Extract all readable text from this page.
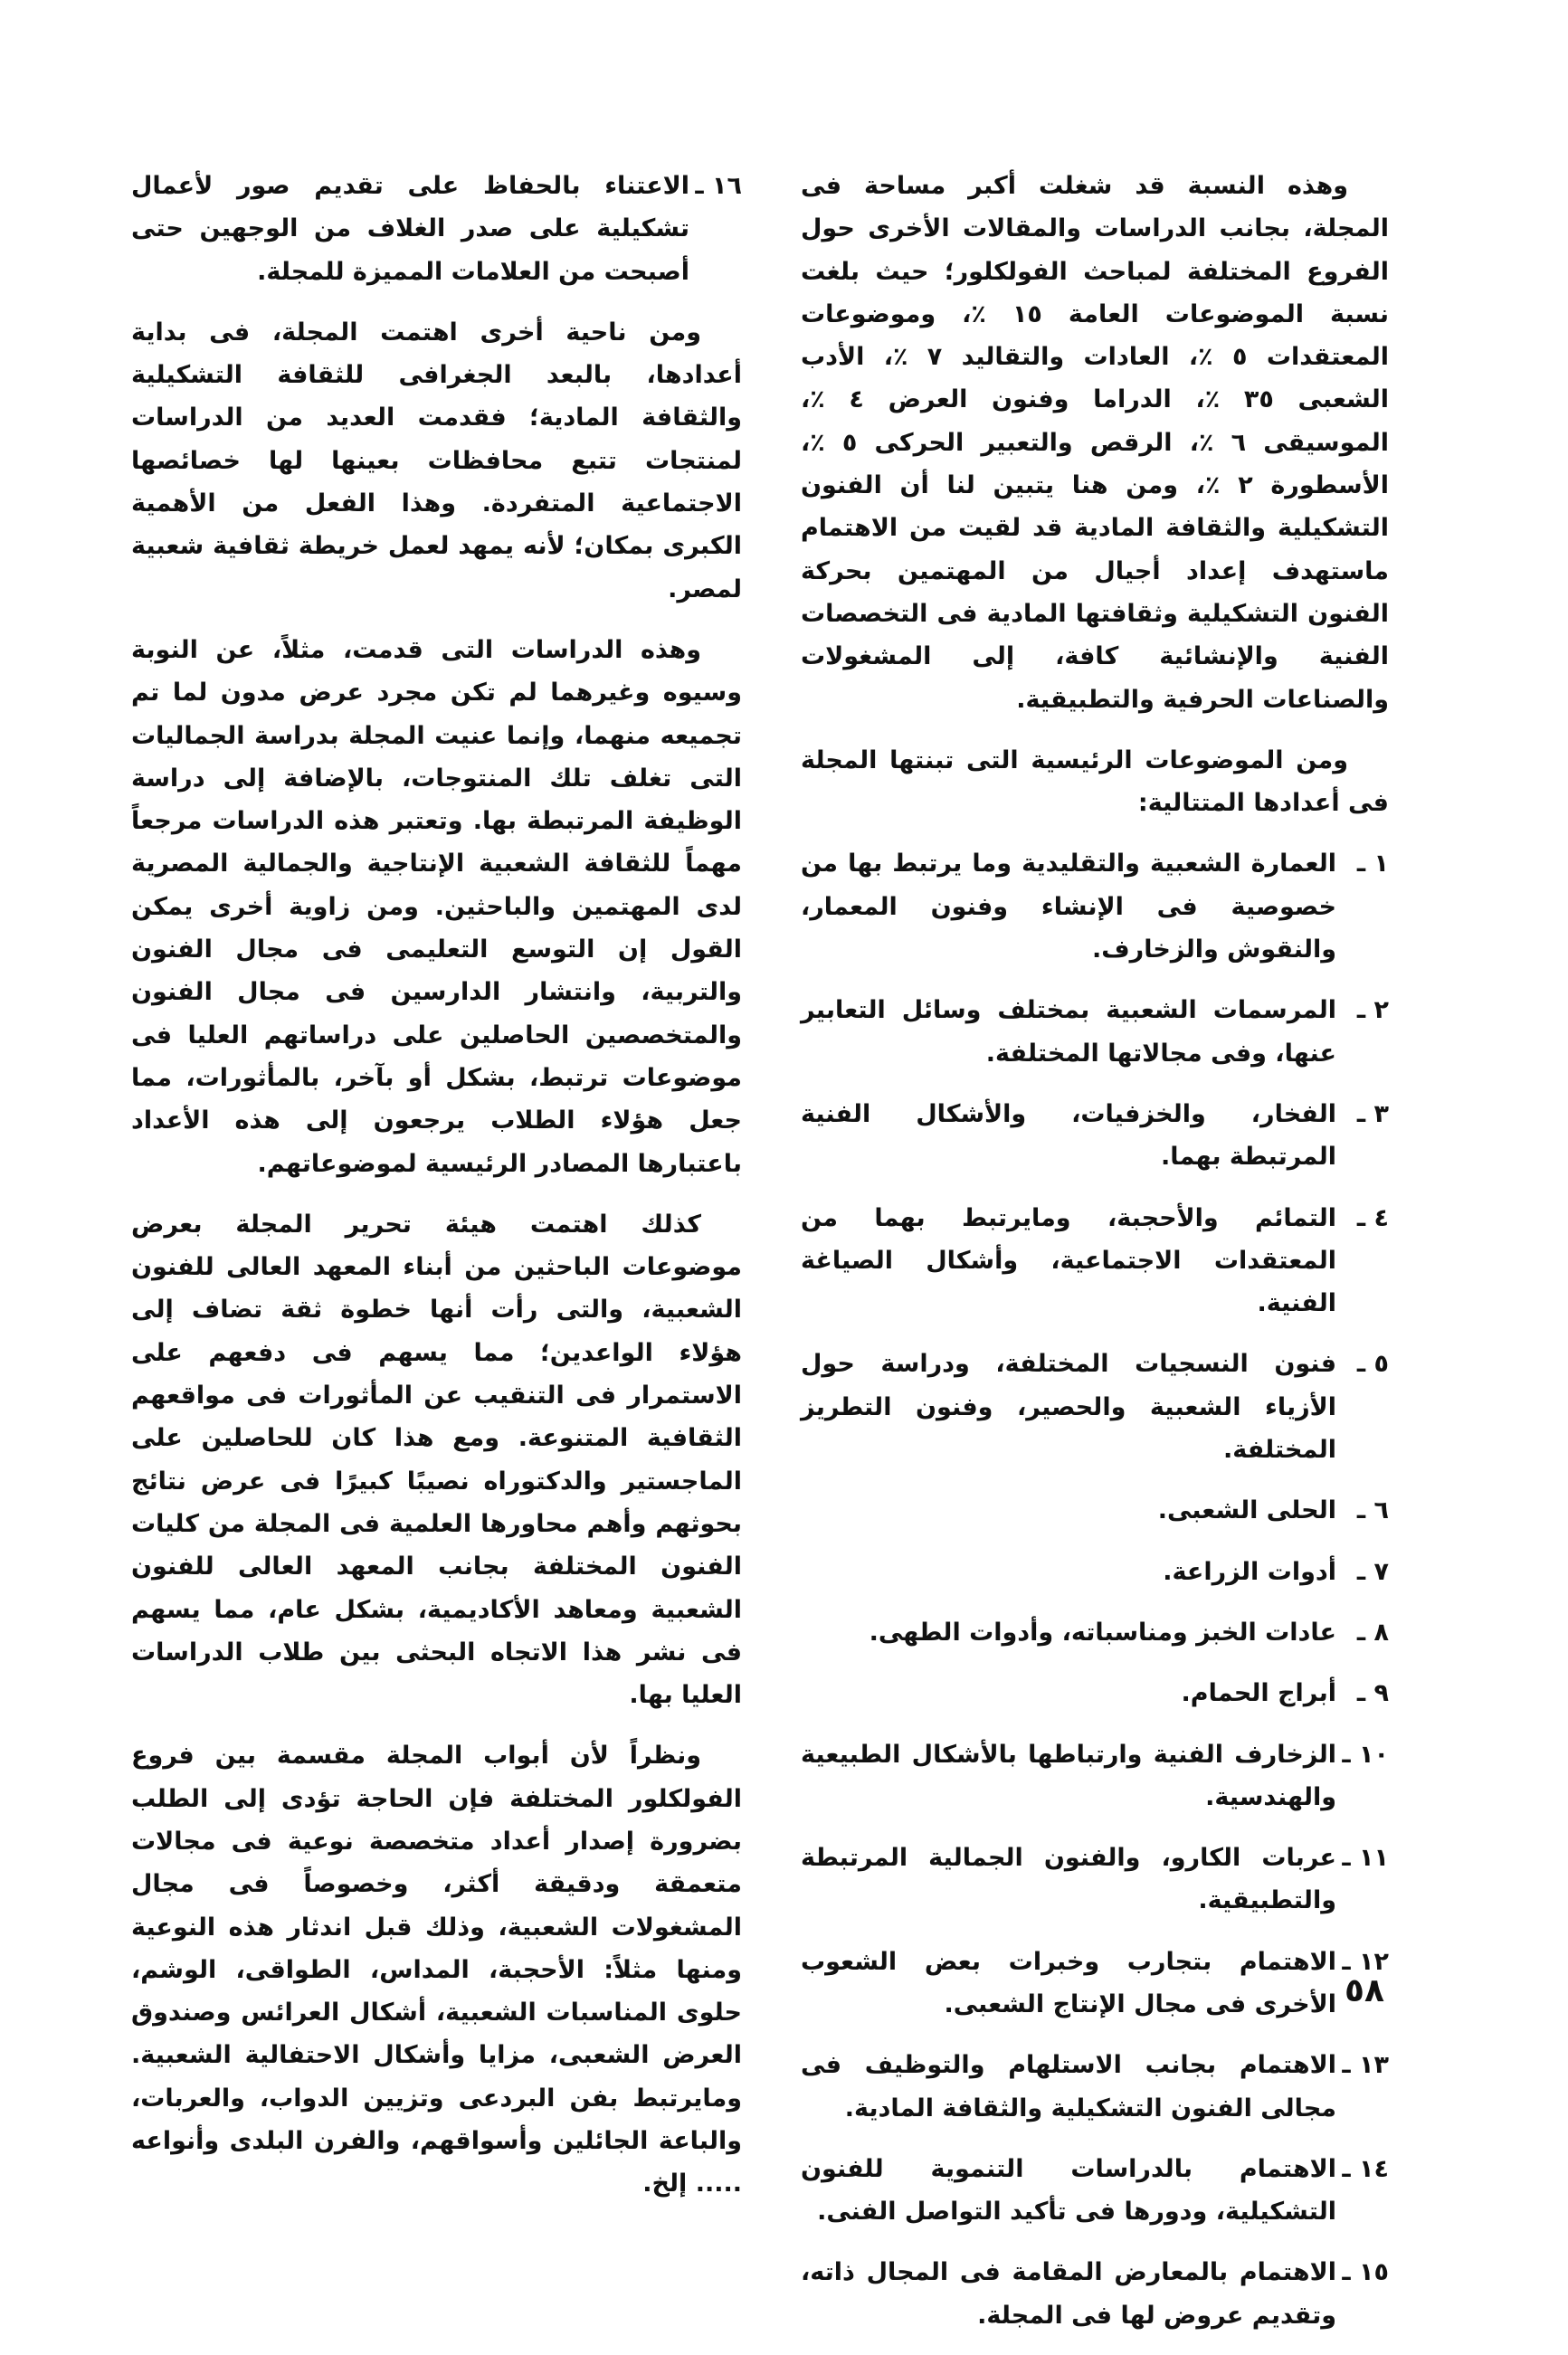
وهذه النسبة قد شغلت أكبر مساحة فى المجلة، بجانب الدراسات والمقالات الأخرى حول الفروع المختلفة لمباحث الفولكلور؛ حيث بلغت نسبة الموضوعات العامة ١٥ ٪، وموضوعات المعتقدات ٥ ٪، العادات والتقاليد ٧ ٪، الأدب الشعبى ٣٥ ٪، الدراما وفنون العرض ٤ ٪، الموسيقى ٦ ٪، الرقص والتعبير الحركى ٥ ٪، الأسطورة ٢ ٪، ومن هنا يتبين لنا أن الفنون التشكيلية والثقافة المادية قد لقيت من الاهتمام ماستهدف إعداد أجيال من المهتمين بحركة الفنون التشكيلية وثقافتها المادية فى التخصصات الفنية والإنشائية كافة، إلى المشغولات والصناعات الحرفية والتطبيقية.

ومن الموضوعات الرئيسية التى تبنتها المجلة فى أعدادها المتتالية:

١ ـ
العمارة الشعبية والتقليدية وما يرتبط بها من خصوصية فى الإنشاء وفنون المعمار، والنقوش والزخارف.
٢ ـ
المرسمات الشعبية بمختلف وسائل التعابير عنها، وفى مجالاتها المختلفة.
٣ ـ
الفخار، والخزفيات، والأشكال الفنية المرتبطة بهما.
٤ ـ
التمائم والأحجبة، ومايرتبط بهما من المعتقدات الاجتماعية، وأشكال الصياغة الفنية.
٥ ـ
فنون النسجيات المختلفة، ودراسة حول الأزياء الشعبية والحصير، وفنون التطريز المختلفة.
٦ ـ
الحلى الشعبى.
٧ ـ
أدوات الزراعة.
٨ ـ
عادات الخبز ومناسباته، وأدوات الطهى.
٩ ـ
أبراج الحمام.
١٠ ـ
الزخارف الفنية وارتباطها بالأشكال الطبيعية والهندسية.
١١ ـ
عربات الكارو، والفنون الجمالية المرتبطة والتطبيقية.
١٢ ـ
الاهتمام بتجارب وخبرات بعض الشعوب الأخرى فى مجال الإنتاج الشعبى.
١٣ ـ
الاهتمام بجانب الاستلهام والتوظيف فى مجالى الفنون التشكيلية والثقافة المادية.
١٤ ـ
الاهتمام بالدراسات التنموية للفنون التشكيلية، ودورها فى تأكيد التواصل الفنى.
١٥ ـ
الاهتمام بالمعارض المقامة فى المجال ذاته، وتقديم عروض لها فى المجلة.
١٦ ـ
الاعتناء بالحفاظ على تقديم صور لأعمال تشكيلية على صدر الغلاف من الوجهين حتى أصبحت من العلامات المميزة للمجلة.

ومن ناحية أخرى اهتمت المجلة، فى بداية أعدادها، بالبعد الجغرافى للثقافة التشكيلية والثقافة المادية؛ فقدمت العديد من الدراسات لمنتجات تتبع محافظات بعينها لها خصائصها الاجتماعية المتفردة. وهذا الفعل من الأهمية الكبرى بمكان؛ لأنه يمهد لعمل خريطة ثقافية شعبية لمصر.

وهذه الدراسات التى قدمت، مثلاً، عن النوبة وسيوه وغيرهما لم تكن مجرد عرض مدون لما تم تجميعه منهما، وإنما عنيت المجلة بدراسة الجماليات التى تغلف تلك المنتوجات، بالإضافة إلى دراسة الوظيفة المرتبطة بها. وتعتبر هذه الدراسات مرجعاً مهماً للثقافة الشعبية الإنتاجية والجمالية المصرية لدى المهتمين والباحثين. ومن زاوية أخرى يمكن القول إن التوسع التعليمى فى مجال الفنون والتربية، وانتشار الدارسين فى مجال الفنون والمتخصصين الحاصلين على دراساتهم العليا فى موضوعات ترتبط، بشكل أو بآخر، بالمأثورات، مما جعل هؤلاء الطلاب يرجعون إلى هذه الأعداد باعتبارها المصادر الرئيسية لموضوعاتهم.

كذلك اهتمت هيئة تحرير المجلة بعرض موضوعات الباحثين من أبناء المعهد العالى للفنون الشعبية، والتى رأت أنها خطوة ثقة تضاف إلى هؤلاء الواعدين؛ مما يسهم فى دفعهم على الاستمرار فى التنقيب عن المأثورات فى مواقعهم الثقافية المتنوعة. ومع هذا كان للحاصلين على الماجستير والدكتوراه نصيبًا كبيرًا فى عرض نتائج بحوثهم وأهم محاورها العلمية فى المجلة من كليات الفنون المختلفة بجانب المعهد العالى للفنون الشعبية ومعاهد الأكاديمية، بشكل عام، مما يسهم فى نشر هذا الاتجاه البحثى بين طلاب الدراسات العليا بها.

ونظراً لأن أبواب المجلة مقسمة بين فروع الفولكلور المختلفة فإن الحاجة تؤدى إلى الطلب بضرورة إصدار أعداد متخصصة نوعية فى مجالات متعمقة ودقيقة أكثر، وخصوصاً فى مجال المشغولات الشعبية، وذلك قبل اندثار هذه النوعية ومنها مثلاً: الأحجبة، المداس، الطواقى، الوشم، حلوى المناسبات الشعبية، أشكال العرائس وصندوق العرض الشعبى، مزايا وأشكال الاحتفالية الشعبية. ومايرتبط بفن البردعى وتزيين الدواب، والعربات، والباعة الجائلين وأسواقهم، والفرن البلدى وأنواعه ..... إلخ.

٥٨
